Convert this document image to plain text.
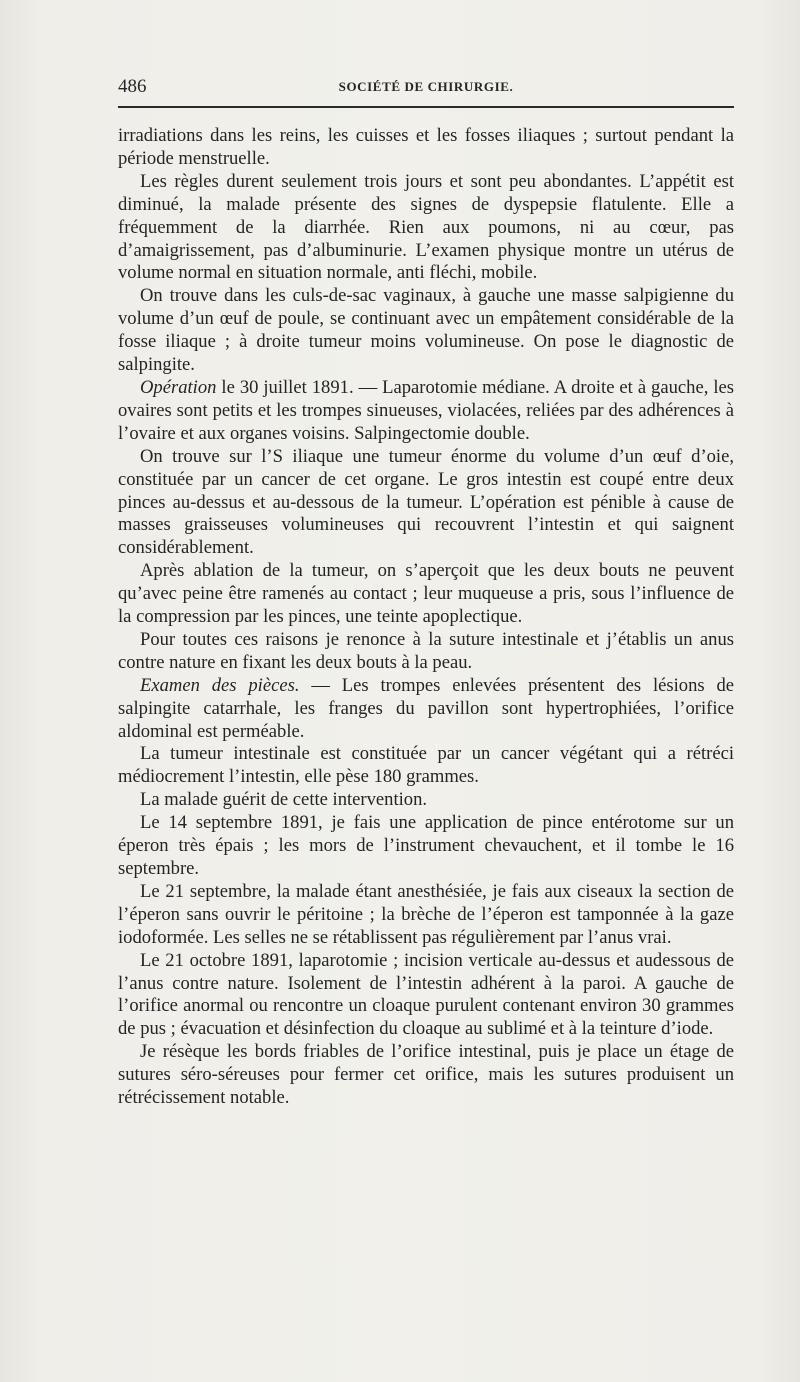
486	SOCIÉTÉ DE CHIRURGIE.

irradiations dans les reins, les cuisses et les fosses iliaques ; surtout pendant la période menstruelle.

Les règles durent seulement trois jours et sont peu abondantes. L’appétit est diminué, la malade présente des signes de dyspepsie flatulente. Elle a fréquemment de la diarrhée. Rien aux poumons, ni au cœur, pas d’amaigrissement, pas d’albuminurie. L’examen physique montre un utérus de volume normal en situation normale, anti fléchi, mobile.

On trouve dans les culs-de-sac vaginaux, à gauche une masse salpigienne du volume d’un œuf de poule, se continuant avec un empâtement considérable de la fosse iliaque ; à droite tumeur moins volumineuse. On pose le diagnostic de salpingite.

Opération le 30 juillet 1891. — Laparotomie médiane. A droite et à gauche, les ovaires sont petits et les trompes sinueuses, violacées, reliées par des adhérences à l’ovaire et aux organes voisins. Salpingectomie double.

On trouve sur l’S iliaque une tumeur énorme du volume d’un œuf d’oie, constituée par un cancer de cet organe. Le gros intestin est coupé entre deux pinces au-dessus et au-dessous de la tumeur. L’opération est pénible à cause de masses graisseuses volumineuses qui recouvrent l’intestin et qui saignent considérablement.

Après ablation de la tumeur, on s’aperçoit que les deux bouts ne peuvent qu’avec peine être ramenés au contact ; leur muqueuse a pris, sous l’influence de la compression par les pinces, une teinte apoplectique.

Pour toutes ces raisons je renonce à la suture intestinale et j’établis un anus contre nature en fixant les deux bouts à la peau.

Examen des pièces. — Les trompes enlevées présentent des lésions de salpingite catarrhale, les franges du pavillon sont hypertrophiées, l’orifice aldominal est perméable.

La tumeur intestinale est constituée par un cancer végétant qui a rétréci médiocrement l’intestin, elle pèse 180 grammes.

La malade guérit de cette intervention.

Le 14 septembre 1891, je fais une application de pince entérotome sur un éperon très épais ; les mors de l’instrument chevauchent, et il tombe le 16 septembre.

Le 21 septembre, la malade étant anesthésiée, je fais aux ciseaux la section de l’éperon sans ouvrir le péritoine ; la brèche de l’éperon est tamponnée à la gaze iodoformée. Les selles ne se rétablissent pas régulièrement par l’anus vrai.

Le 21 octobre 1891, laparotomie ; incision verticale au-dessus et audessous de l’anus contre nature. Isolement de l’intestin adhérent à la paroi. A gauche de l’orifice anormal ou rencontre un cloaque purulent contenant environ 30 grammes de pus ; évacuation et désinfection du cloaque au sublimé et à la teinture d’iode.

Je résèque les bords friables de l’orifice intestinal, puis je place un étage de sutures séro-séreuses pour fermer cet orifice, mais les sutures produisent un rétrécissement notable.
